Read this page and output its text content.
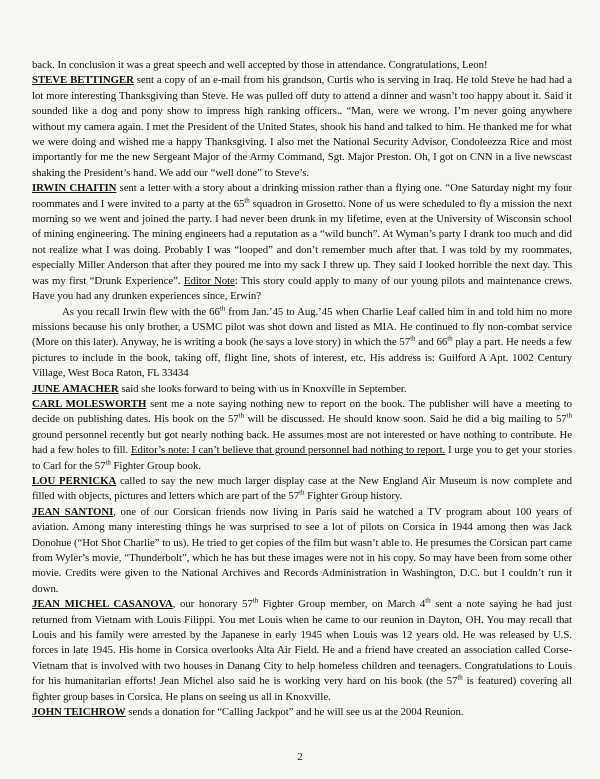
back. In conclusion it was a great speech and well accepted by those in attendance. Congratulations, Leon!

STEVE BETTINGER sent a copy of an e-mail from his grandson, Curtis who is serving in Iraq. He told Steve he had had a lot more interesting Thanksgiving than Steve. He was pulled off duty to attend a dinner and wasn’t too happy about it. Said it sounded like a dog and pony show to impress high ranking officers.. “Man, were we wrong. I’m never going anywhere without my camera again. I met the President of the United States, shook his hand and talked to him. He thanked me for what we were doing and wished me a happy Thanksgiving. I also met the National Security Advisor, Condoleezza Rice and most importantly for me the new Sergeant Major of the Army Command, Sgt. Major Preston. Oh, I got on CNN in a live newscast shaking the President’s hand. We add our “well done” to Steve’s.

IRWIN CHAITIN sent a letter with a story about a drinking mission rather than a flying one. “One Saturday night my four roommates and I were invited to a party at the 65th squadron in Grosetto. None of us were scheduled to fly a mission the next morning so we went and joined the party. I had never been drunk in my lifetime, even at the University of Wisconsin school of mining engineering. The mining engineers had a reputation as a “wild bunch”. At Wyman’s party I drank too much and did not realize what I was doing. Probably I was “looped” and don’t remember much after that. I was told by my roommates, especially Miller Anderson that after they poured me into my sack I threw up. They said I looked horrible the next day. This was my first “Drunk Experience”. Editor Note: This story could apply to many of our young pilots and maintenance crews. Have you had any drunken experiences since, Erwin?

As you recall Irwin flew with the 66th from Jan.’45 to Aug.’45 when Charlie Leaf called him in and told him no more missions because his only brother, a USMC pilot was shot down and listed as MIA. He continued to fly non-combat service (More on this later). Anyway, he is writing a book (he says a love story) in which the 57th and 66th play a part. He needs a few pictures to include in the book, taking off, flight line, shots of interest, etc. His address is: Guilford A Apt. 1002 Century Village, West Boca Raton, FL 33434

JUNE AMACHER said she looks forward to being with us in Knoxville in September.

CARL MOLESWORTH sent me a note saying nothing new to report on the book. The publisher will have a meeting to decide on publishing dates. His book on the 57th will be discussed. He should know soon. Said he did a big mailing to 57th ground personnel recently but got nearly nothing back. He assumes most are not interested or have nothing to contribute. He had a few holes to fill. Editor’s note: I can’t believe that ground personnel had nothing to report. I urge you to get your stories to Carl for the 57th Fighter Group book.

LOU PERNICKA called to say the new much larger display case at the New England Air Museum is now complete and filled with objects, pictures and letters which are part of the 57th Fighter Group history.

JEAN SANTONI, one of our Corsican friends now living in Paris said he watched a TV program about 100 years of aviation. Among many interesting things he was surprised to see a lot of pilots on Corsica in 1944 among then was Jack Donohue (“Hot Shot Charlie” to us). He tried to get copies of the film but wasn’t able to. He presumes the Corsican part came from Wyler’s movie, “Thunderbolt”, which he has but these images were not in his copy. So may have been from some other movie. Credits were given to the National Archives and Records Administration in Washington, D.C. but I couldn’t run it down.

JEAN MICHEL CASANOVA, our honorary 57th Fighter Group member, on March 4th sent a note saying he had just returned from Vietnam with Louis Filippi. You met Louis when he came to our reunion in Dayton, OH. You may recall that Louis and his family were arrested by the Japanese in early 1945 when Louis was 12 years old. He was released by U.S. forces in late 1945. His home in Corsica overlooks Alta Air Field. He and a friend have created an association called Corse-Vietnam that is involved with two houses in Danang City to help homeless children and teenagers. Congratulations to Louis for his humanitarian efforts! Jean Michel also said he is working very hard on his book (the 57th is featured) covering all fighter group bases in Corsica. He plans on seeing us all in Knoxville.

JOHN TEICHROW sends a donation for “Calling Jackpot” and he will see us at the 2004 Reunion.

2
